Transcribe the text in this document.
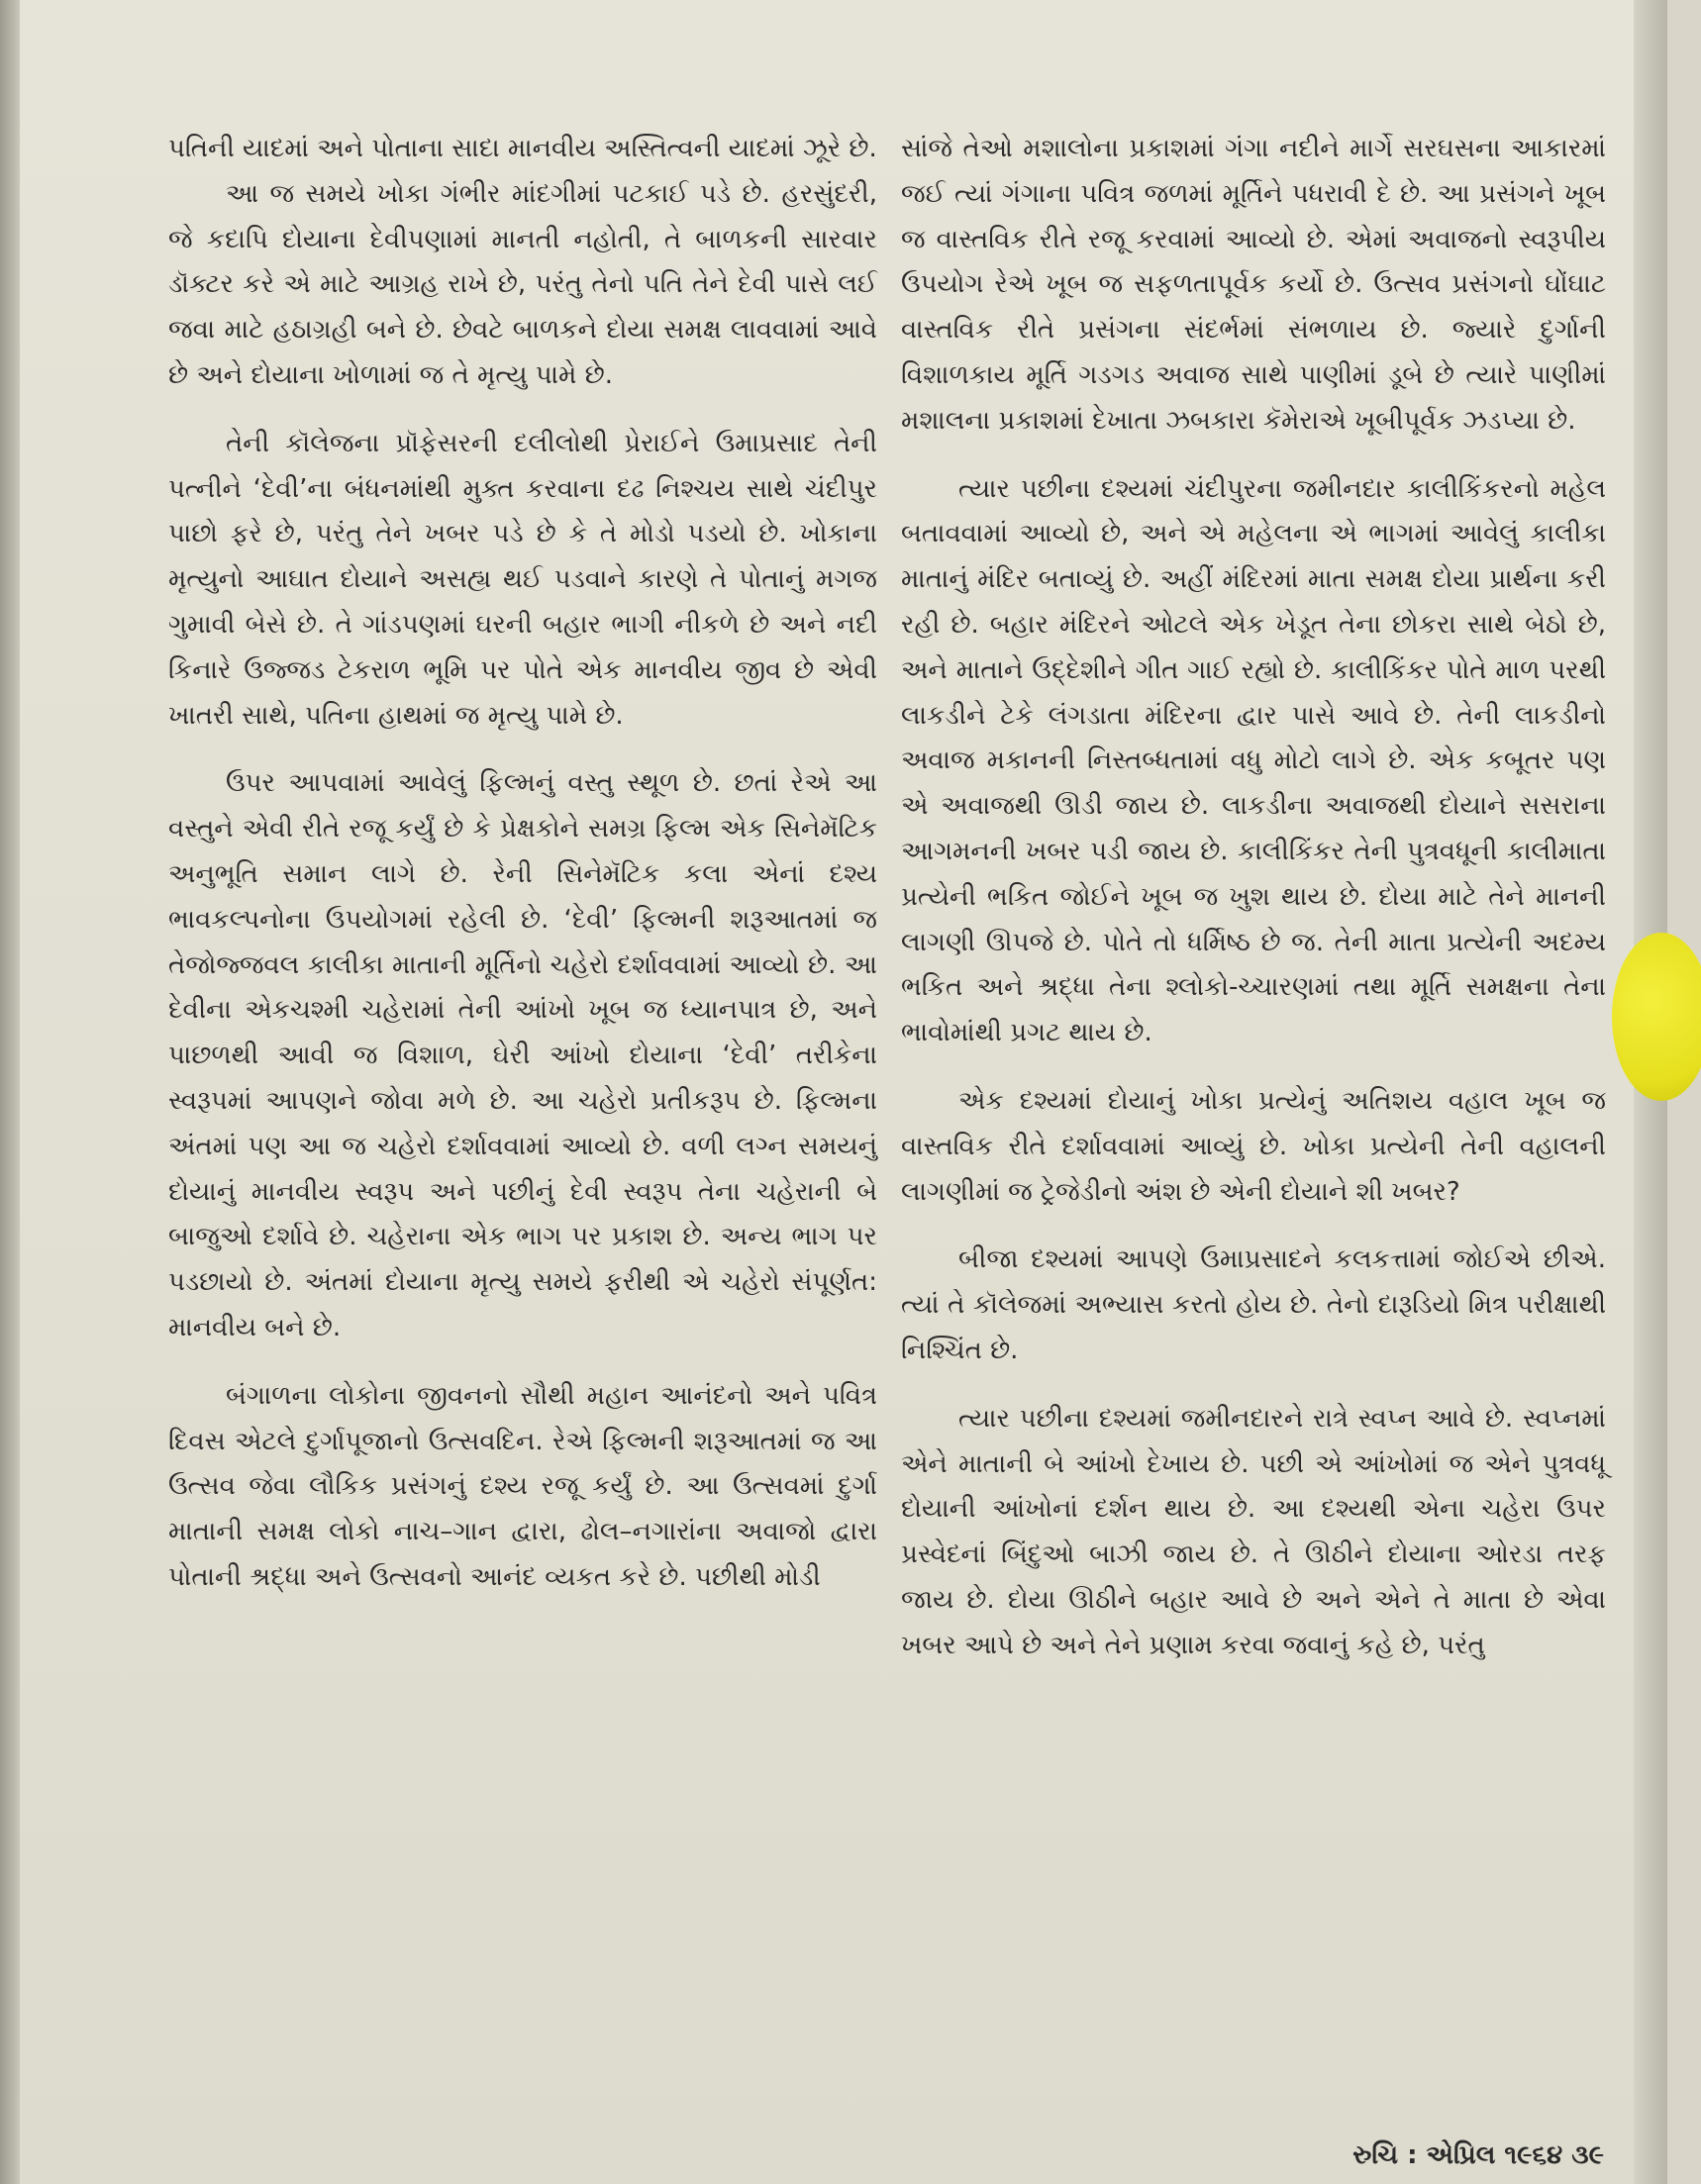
પતિની યાદમાં અને પોતાના સાદા માનવીય અસ્તિત્વની યાદમાં ઝૂરે છે.

આ જ સમયે ખોકા ગંભીર માંદગીમાં પટકાઈ પડે છે. હરસુંદરી, જે કદાપિ દોયાના દેવીપણામાં માનતી નહોતી, તે બાળકની સારવાર ડૉક્ટર કરે એ માટે આગ્રહ રાખે છે, પરંતુ તેનો પતિ તેને દેવી પાસે લઈ જવા માટે હઠાગ્રહી બને છે. છેવટે બાળકને દોયા સમક્ષ લાવવામાં આવે છે અને દોયાના ખોળામાં જ તે મૃત્યુ પામે છે.

તેની કૉલેજના પ્રૉફેસરની દલીલોથી પ્રેરાઈને ઉમાપ્રસાદ તેની પત્નીને ‘દેવી’ના બંધનમાંથી મુક્ત કરવાના દઢ નિશ્ચય સાથે ચંદીપુર પાછો ફરે છે, પરંતુ તેને ખબર પડે છે કે તે મોડો પડયો છે. ખોકાના મૃત્યુનો આઘાત દોયાને અસહ્ય થઈ પડવાને કારણે તે પોતાનું મગજ ગુમાવી બેસે છે. તે ગાંડપણમાં ઘરની બહાર ભાગી નીકળે છે અને નદી કિનારે ઉજ્જડ ટેકરાળ ભૂમિ પર પોતે એક માનવીય જીવ છે એવી ખાતરી સાથે, પતિના હાથમાં જ મૃત્યુ પામે છે.

ઉપર આપવામાં આવેલું ફિલ્મનું વસ્તુ સ્થૂળ છે. છતાં રેએ આ વસ્તુને એવી રીતે રજૂ કર્યું છે કે પ્રેક્ષકોને સમગ્ર ફિલ્મ એક સિનેમૅટિક અનુભૂતિ સમાન લાગે છે. રેની સિનેમૅટિક કલા એનાં દશ્ય ભાવકલ્પનોના ઉપયોગમાં રહેલી છે. ‘દેવી’ ફિલ્મની શરૂઆતમાં જ તેજોજ્જવલ કાલીકા માતાની મૂર્તિનો ચહેરો દર્શાવવામાં આવ્યો છે. આ દેવીના એકચશ્મી ચહેરામાં તેની આંખો ખૂબ જ ધ્યાનપાત્ર છે, અને પાછળથી આવી જ વિશાળ, ઘેરી આંખો દોયાના ‘દેવી’ તરીકેના સ્વરૂપમાં આપણને જોવા મળે છે. આ ચહેરો પ્રતીકરૂપ છે. ફિલ્મના અંતમાં પણ આ જ ચહેરો દર્શાવવામાં આવ્યો છે. વળી લગ્ન સમયનું દોયાનું માનવીય સ્વરૂપ અને પછીનું દેવી સ્વરૂપ તેના ચહેરાની બે બાજુઓ દર્શાવે છે. ચહેરાના એક ભાગ પર પ્રકાશ છે. અન્ય ભાગ પર પડછાયો છે. અંતમાં દોયાના મૃત્યુ સમયે ફરીથી એ ચહેરો સંપૂર્ણત: માનવીય બને છે.

બંગાળના લોકોના જીવનનો સૌથી મહાન આનંદનો અને પવિત્ર દિવસ એટલે દુર્ગાપૂજાનો ઉત્સવદિન. રેએ ફિલ્મની શરૂઆતમાં જ આ ઉત્સવ જેવા લૌકિક પ્રસંગનું દશ્ય રજૂ કર્યું છે. આ ઉત્સવમાં દુર્ગા માતાની સમક્ષ લોકો નાચ–ગાન દ્વારા, ઢોલ–નગારાંના અવાજો દ્વારા પોતાની શ્રદ્ધા અને ઉત્સવનો આનંદ વ્યકત કરે છે. પછીથી મોડી

સાંજે તેઓ મશાલોના પ્રકાશમાં ગંગા નદીને માર્ગે સરઘસના આકારમાં જઈ ત્યાં ગંગાના પવિત્ર જળમાં મૂર્તિને પધરાવી દે છે. આ પ્રસંગને ખૂબ જ વાસ્તવિક રીતે રજૂ કરવામાં આવ્યો છે. એમાં અવાજનો સ્વરૂપીય ઉપયોગ રેએ ખૂબ જ સફળતાપૂર્વક કર્યો છે. ઉત્સવ પ્રસંગનો ઘોંઘાટ વાસ્તવિક રીતે પ્રસંગના સંદર્ભમાં સંભળાય છે. જ્યારે દુર્ગાની વિશાળકાય મૂર્તિ ગડગડ અવાજ સાથે પાણીમાં ડૂબે છે ત્યારે પાણીમાં મશાલના પ્રકાશમાં દેખાતા ઝબકારા કૅમેરાએ ખૂબીપૂર્વક ઝડપ્યા છે.

ત્યાર પછીના દશ્યમાં ચંદીપુરના જમીનદાર કાલીકિંકરનો મહેલ બતાવવામાં આવ્યો છે, અને એ મહેલના એ ભાગમાં આવેલું કાલીકા માતાનું મંદિર બતાવ્યું છે. અહીં મંદિરમાં માતા સમક્ષ દોયા પ્રાર્થના કરી રહી છે. બહાર મંદિરને ઓટલે એક ખેડૂત તેના છોકરા સાથે બેઠો છે, અને માતાને ઉદ્દેશીને ગીત ગાઈ રહ્યો છે. કાલીકિંકર પોતે માળ પરથી લાકડીને ટેકે લંગડાતા મંદિરના દ્વાર પાસે આવે છે. તેની લાકડીનો અવાજ મકાનની નિસ્તબ્ધતામાં વધુ મોટો લાગે છે. એક કબૂતર પણ એ અવાજથી ઊડી જાય છે. લાકડીના અવાજથી દોયાને સસરાના આગમનની ખબર પડી જાય છે. કાલીકિંકર તેની પુત્રવધૂની કાલીમાતા પ્રત્યેની ભકિત જોઈને ખૂબ જ ખુશ થાય છે. દોયા માટે તેને માનની લાગણી ઊપજે છે. પોતે તો ધર્મિષ્ઠ છે જ. તેની માતા પ્રત્યેની અદમ્ય ભકિત અને શ્રદ્ધા તેના શ્લોકો-ચ્ચારણમાં તથા મૂર્તિ સમક્ષના તેના ભાવોમાંથી પ્રગટ થાય છે.

એક દશ્યમાં દોયાનું ખોકા પ્રત્યેનું અતિશય વહાલ ખૂબ જ વાસ્તવિક રીતે દર્શાવવામાં આવ્યું છે. ખોકા પ્રત્યેની તેની વહાલની લાગણીમાં જ ટ્રેજેડીનો અંશ છે એની દોયાને શી ખબર?

બીજા દશ્યમાં આપણે ઉમાપ્રસાદને કલકત્તામાં જોઈએ છીએ. ત્યાં તે કૉલેજમાં અભ્યાસ કરતો હોય છે. તેનો દારૂડિયો મિત્ર પરીક્ષાથી નિશ્ચિંત છે.

ત્યાર પછીના દશ્યમાં જમીનદારને રાત્રે સ્વપ્ન આવે છે. સ્વપ્નમાં એને માતાની બે આંખો દેખાય છે. પછી એ આંખોમાં જ એને પુત્રવધૂ દોયાની આંખોનાં દર્શન થાય છે. આ દશ્યથી એના ચહેરા ઉપર પ્રસ્વેદનાં બિંદુઓ બાઝી જાય છે. તે ઊઠીને દોયાના ઓરડા તરફ જાય છે. દોયા ઊઠીને બહાર આવે છે અને એને તે માતા છે એવા ખબર આપે છે અને તેને પ્રણામ કરવા જવાનું કહે છે, પરંતુ

રુચિ : એપ્રિલ ૧૯૬૪ ૩૯
